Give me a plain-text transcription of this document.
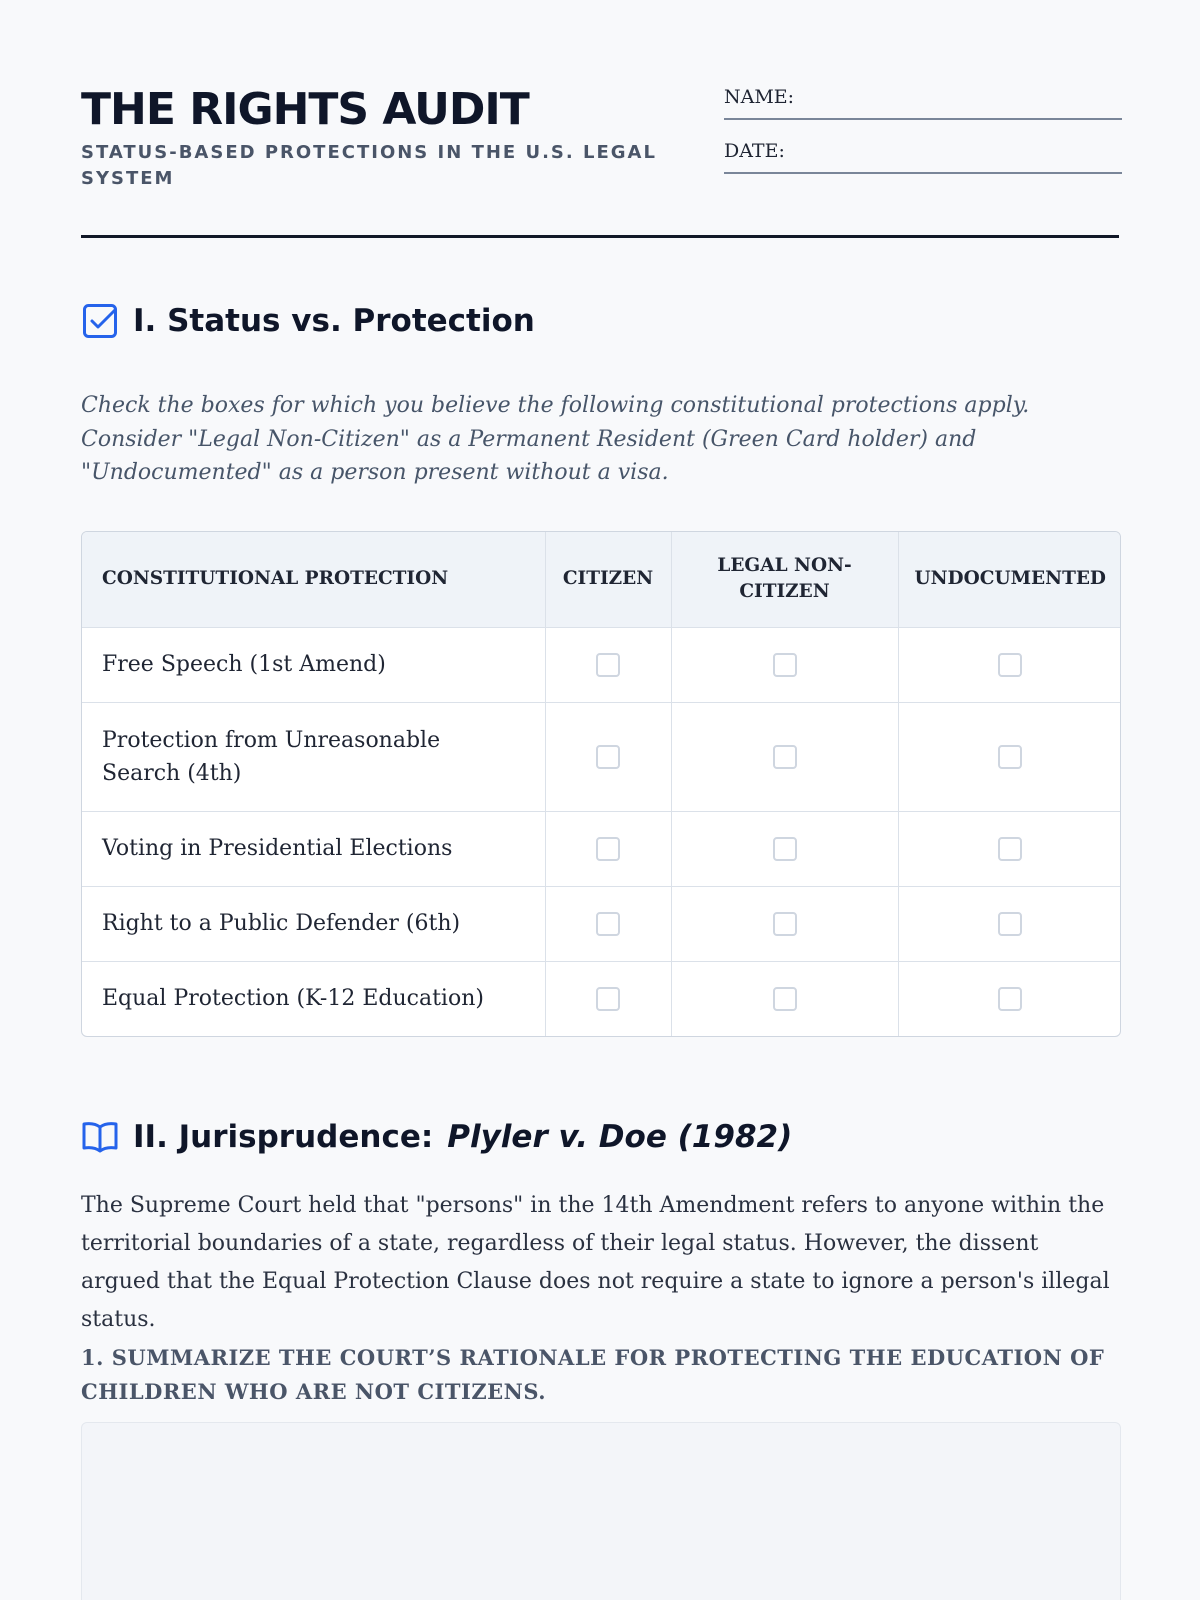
THE RIGHTS AUDIT

STATUS-BASED PROTECTIONS IN THE U.S. LEGAL SYSTEM

NAME:
DATE:
I. Status vs. Protection

Check the boxes for which you believe the following constitutional protections apply. Consider "Legal Non-Citizen" as a Permanent Resident (Green Card holder) and "Undocumented" as a person present without a visa.

CONSTITUTIONAL PROTECTION	CITIZEN	LEGAL NON-CITIZEN	UNDOCUMENTED
Free Speech (1st Amend)			
Protection from Unreasonable Search (4th)			
Voting in Presidential Elections			
Right to a Public Defender (6th)			
Equal Protection (K-12 Education)			
II. Jurisprudence: Plyler v. Doe (1982)

The Supreme Court held that "persons" in the 14th Amendment refers to anyone within the territorial boundaries of a state, regardless of their legal status. However, the dissent argued that the Equal Protection Clause does not require a state to ignore a person's illegal status.

1. SUMMARIZE THE COURT’S RATIONALE FOR PROTECTING THE EDUCATION OF CHILDREN WHO ARE NOT CITIZENS.
